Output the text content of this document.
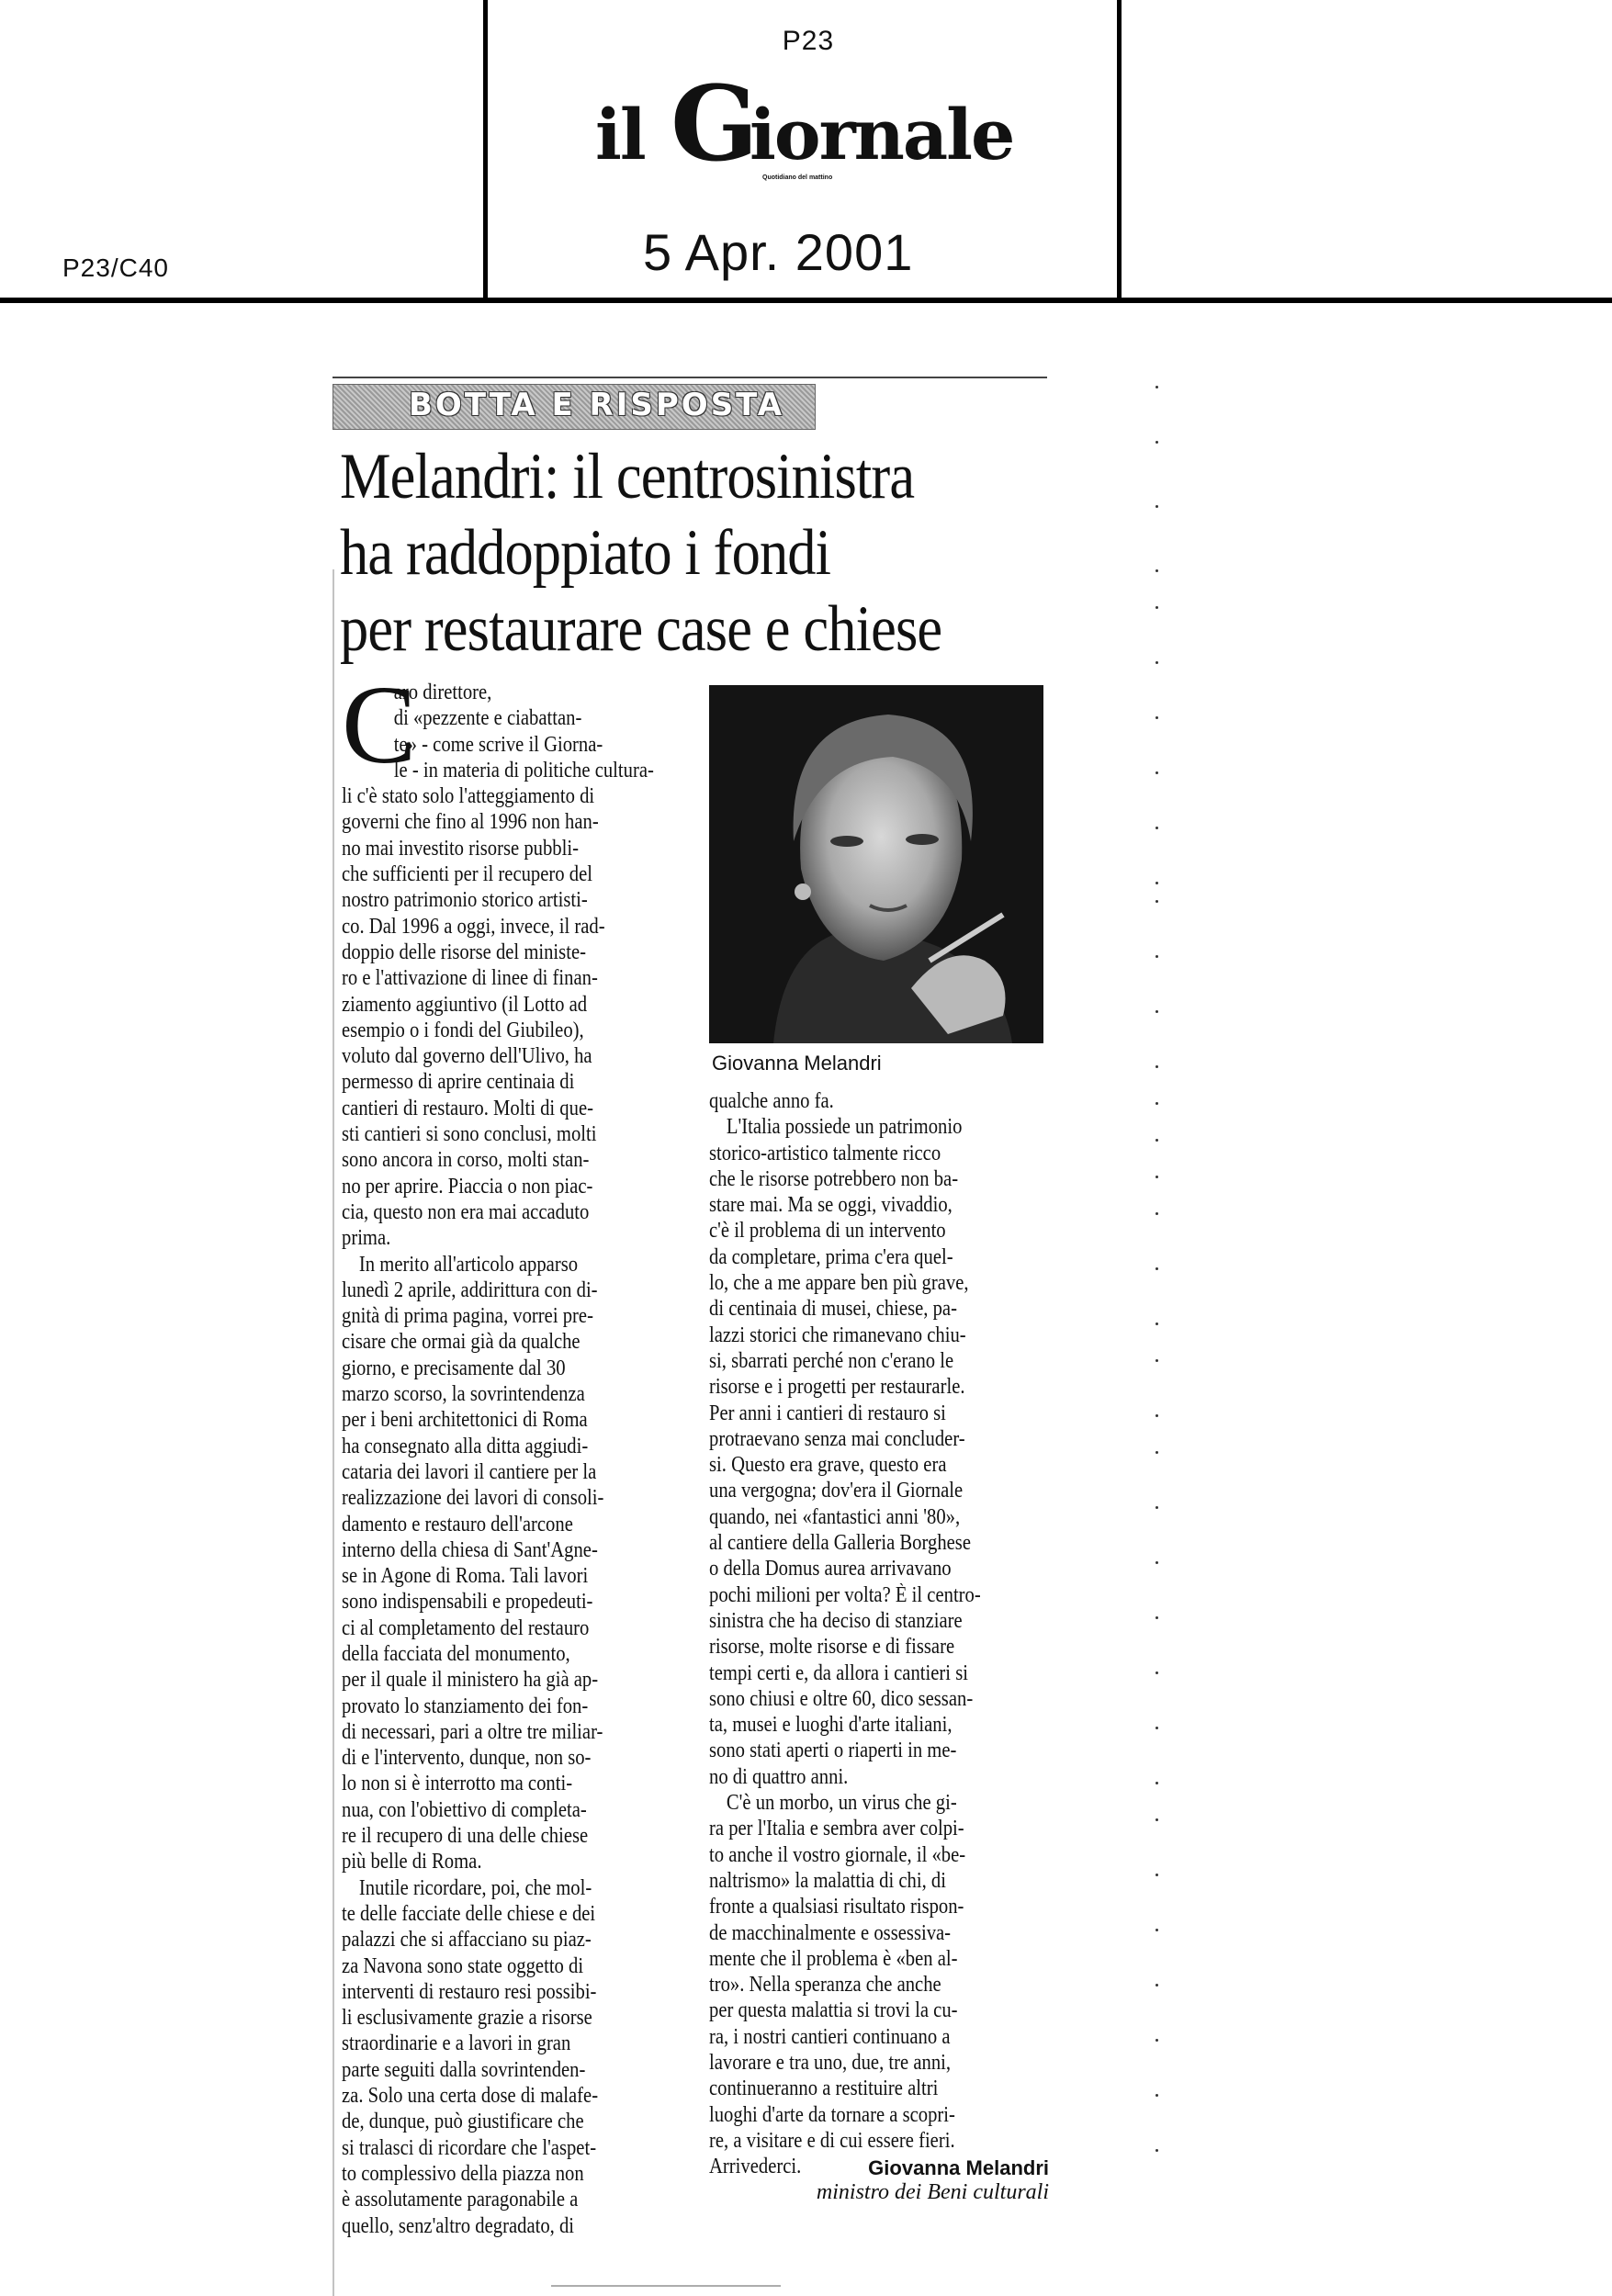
P23
P23/C40
il G
iornale
Quotidiano del mattino
5 Apr. 2001
BOTTA E RISPOSTA
Melandri: il centrosinistra
ha raddoppiato i fondi
per restaurare case e chiese
C
aro direttore,
di «pezzente e ciabattan-
te» - come scrive il Giorna-
le - in materia di politiche cultura-
li c'è stato solo l'atteggiamento di
governi che fino al 1996 non han-
no mai investito risorse pubbli-
che sufficienti per il recupero del
nostro patrimonio storico artisti-
co. Dal 1996 a oggi, invece, il rad-
doppio delle risorse del ministe-
ro e l'attivazione di linee di finan-
ziamento aggiuntivo (il Lotto ad
esempio o i fondi del Giubileo),
voluto dal governo dell'Ulivo, ha
permesso di aprire centinaia di
cantieri di restauro. Molti di que-
sti cantieri si sono conclusi, molti
sono ancora in corso, molti stan-
no per aprire. Piaccia o non piac-
cia, questo non era mai accaduto
prima.
In merito all'articolo apparso
lunedì 2 aprile, addirittura con di-
gnità di prima pagina, vorrei pre-
cisare che ormai già da qualche
giorno, e precisamente dal 30
marzo scorso, la sovrintendenza
per i beni architettonici di Roma
ha consegnato alla ditta aggiudi-
cataria dei lavori il cantiere per la
realizzazione dei lavori di consoli-
damento e restauro dell'arcone
interno della chiesa di Sant'Agne-
se in Agone di Roma. Tali lavori
sono indispensabili e propedeuti-
ci al completamento del restauro
della facciata del monumento,
per il quale il ministero ha già ap-
provato lo stanziamento dei fon-
di necessari, pari a oltre tre miliar-
di e l'intervento, dunque, non so-
lo non si è interrotto ma conti-
nua, con l'obiettivo di completa-
re il recupero di una delle chiese
più belle di Roma.
Inutile ricordare, poi, che mol-
te delle facciate delle chiese e dei
palazzi che si affacciano su piaz-
za Navona sono state oggetto di
interventi di restauro resi possibi-
li esclusivamente grazie a risorse
straordinarie e a lavori in gran
parte seguiti dalla sovrintenden-
za. Solo una certa dose di malafe-
de, dunque, può giustificare che
si tralasci di ricordare che l'aspet-
to complessivo della piazza non
è assolutamente paragonabile a
quello, senz'altro degradato, di
Giovanna Melandri
qualche anno fa.
L'Italia possiede un patrimonio
storico-artistico talmente ricco
che le risorse potrebbero non ba-
stare mai. Ma se oggi, vivaddio,
c'è il problema di un intervento
da completare, prima c'era quel-
lo, che a me appare ben più grave,
di centinaia di musei, chiese, pa-
lazzi storici che rimanevano chiu-
si, sbarrati perché non c'erano le
risorse e i progetti per restaurarle.
Per anni i cantieri di restauro si
protraevano senza mai concluder-
si. Questo era grave, questo era
una vergogna; dov'era il Giornale
quando, nei «fantastici anni '80»,
al cantiere della Galleria Borghese
o della Domus aurea arrivavano
pochi milioni per volta? È il centro-
sinistra che ha deciso di stanziare
risorse, molte risorse e di fissare
tempi certi e, da allora i cantieri si
sono chiusi e oltre 60, dico sessan-
ta, musei e luoghi d'arte italiani,
sono stati aperti o riaperti in me-
no di quattro anni.
C'è un morbo, un virus che gi-
ra per l'Italia e sembra aver colpi-
to anche il vostro giornale, il «be-
naltrismo» la malattia di chi, di
fronte a qualsiasi risultato rispon-
de macchinalmente e ossessiva-
mente che il problema è «ben al-
tro». Nella speranza che anche
per questa malattia si trovi la cu-
ra, i nostri cantieri continuano a
lavorare e tra uno, due, tre anni,
continueranno a restituire altri
luoghi d'arte da tornare a scopri-
re, a visitare e di cui essere fieri.
Arrivederci.	Giovanna Melandri
ministro dei Beni culturali
